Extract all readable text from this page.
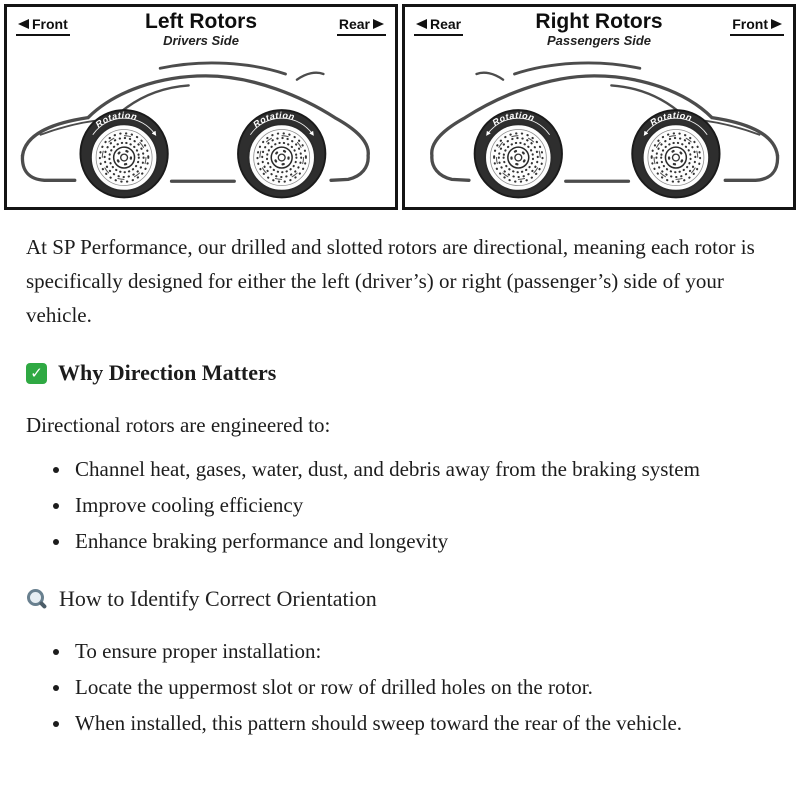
Front	Rear
Left Rotors
Drivers Side
Rotation
Rotation
Rear	Front
Right Rotors
Passengers Side
Rotation	Rotation

At SP Performance, our drilled and slotted rotors are directional, meaning each rotor is specifically designed for either the left (driver’s) or right (passenger’s) side of your vehicle.

✓ Why Direction Matters

Directional rotors are engineered to:

• Channel heat, gases, water, dust, and debris away from the braking system
• Improve cooling efficiency
• Enhance braking performance and longevity
How to Identify Correct Orientation
• To ensure proper installation:
• Locate the uppermost slot or row of drilled holes on the rotor.
• When installed, this pattern should sweep toward the rear of the vehicle.
